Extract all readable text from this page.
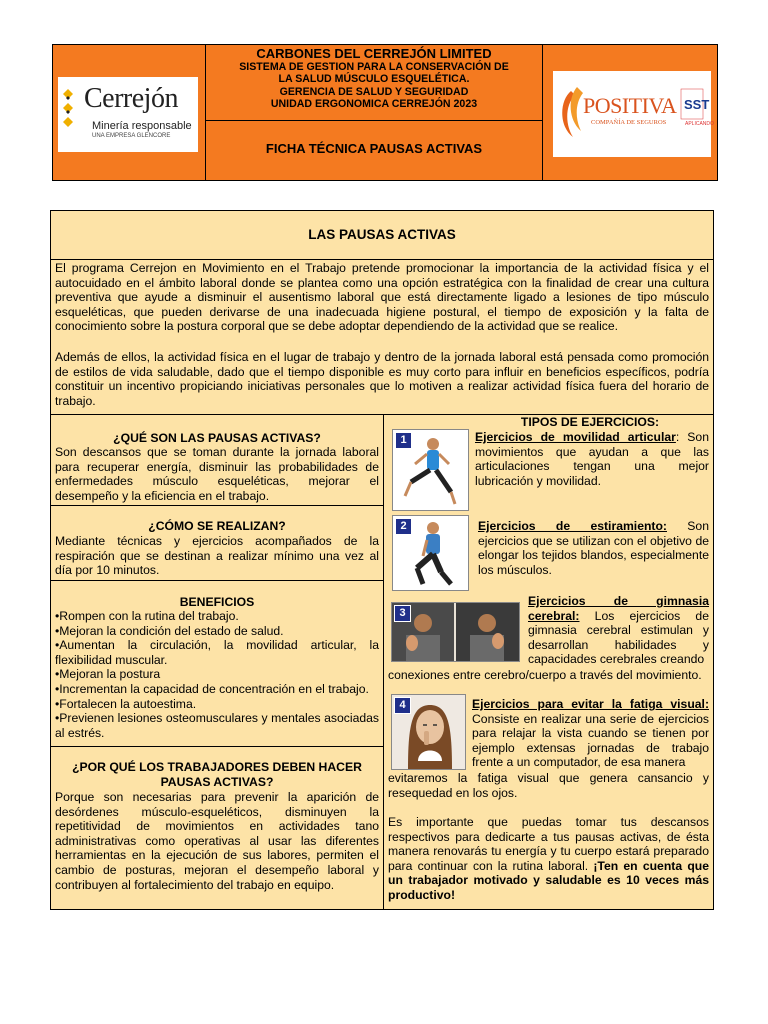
Cerrejón
Minería responsable
UNA EMPRESA GLENCORE
CARBONES DEL CERREJÓN LIMITED
SISTEMA DE GESTION PARA LA CONSERVACIÓN DE
LA SALUD MÚSCULO ESQUELÉTICA.
GERENCIA DE SALUD Y SEGURIDAD
UNIDAD ERGONOMICA CERREJÓN 2023
FICHA TÉCNICA PAUSAS ACTIVAS
SST
POSITIVA
COMPAÑÍA DE SEGUROS	APLICANDO
LAS PAUSAS ACTIVAS
El programa Cerrejon en Movimiento en el Trabajo pretende promocionar la importancia de la actividad física y el autocuidado en el ámbito laboral donde se plantea como una opción estratégica con la finalidad de crear una cultura preventiva que ayude a disminuir el ausentismo laboral que está directamente ligado a lesiones de tipo músculo esqueléticas, que pueden derivarse de una inadecuada higiene postural, el tiempo de exposición y la falta de conocimiento sobre la postura corporal que se debe adoptar dependiendo de la actividad que se realice.
Además de ellos, la actividad física en el lugar de trabajo y dentro de la jornada laboral está pensada como promoción de estilos de vida saludable, dado que el tiempo disponible es muy corto para influir en beneficios específicos, podría constituir un incentivo propiciando iniciativas personales que lo motiven a realizar actividad física fuera del horario de trabajo.
¿QUÉ SON LAS PAUSAS ACTIVAS?
Son descansos que se toman durante la jornada laboral para recuperar energía, disminuir las probabilidades de enfermedades músculo esqueléticas, mejorar el desempeño y la eficiencia en el trabajo.
¿CÓMO SE REALIZAN?
Mediante técnicas y ejercicios acompañados de la respiración que se destinan a realizar mínimo una vez al día por 10 minutos.
BENEFICIOS
•Rompen con la rutina del trabajo.
•Mejoran la condición del estado de salud.
•Aumentan la circulación, la movilidad articular, la flexibilidad muscular.
•Mejoran la postura
•Incrementan la capacidad de concentración en el trabajo.
•Fortalecen la autoestima.
•Previenen lesiones osteomusculares y mentales asociadas al estrés.
¿POR QUÉ LOS TRABAJADORES DEBEN HACER PAUSAS ACTIVAS?
Porque son necesarias para prevenir la aparición de desórdenes músculo-esqueléticos, disminuyen la repetitividad de movimientos en actividades tano administrativas como operativas al usar las diferentes herramientas en la ejecución de sus labores, permiten el cambio de posturas, mejoran el desempeño laboral y contribuyen al fortalecimiento del trabajo en equipo.
TIPOS DE EJERCICIOS:
1	Ejercicios de movilidad articular: Son movimientos que ayudan a que las articulaciones tengan una mejor lubricación y movilidad.
2	Ejercicios de estiramiento: Son ejercicios que se utilizan con el objetivo de elongar los tejidos blandos, especialmente los músculos.
3
Ejercicios de gimnasia cerebral: Los ejercicios de gimnasia cerebral estimulan y desarrollan habilidades y capacidades cerebrales creando
conexiones entre cerebro/cuerpo a través del movimiento.
4	Ejercicios para evitar la fatiga visual: Consiste en realizar una serie de ejercicios para relajar la vista cuando se tienen por ejemplo extensas jornadas de trabajo frente a un computador, de esa manera
evitaremos la fatiga visual que genera cansancio y resequedad en los ojos.
Es importante que puedas tomar tus descansos respectivos para dedicarte a tus pausas activas, de ésta manera renovarás tu energía y tu cuerpo estará preparado para continuar con la rutina laboral. ¡Ten en cuenta que un trabajador motivado y saludable es 10 veces más productivo!
